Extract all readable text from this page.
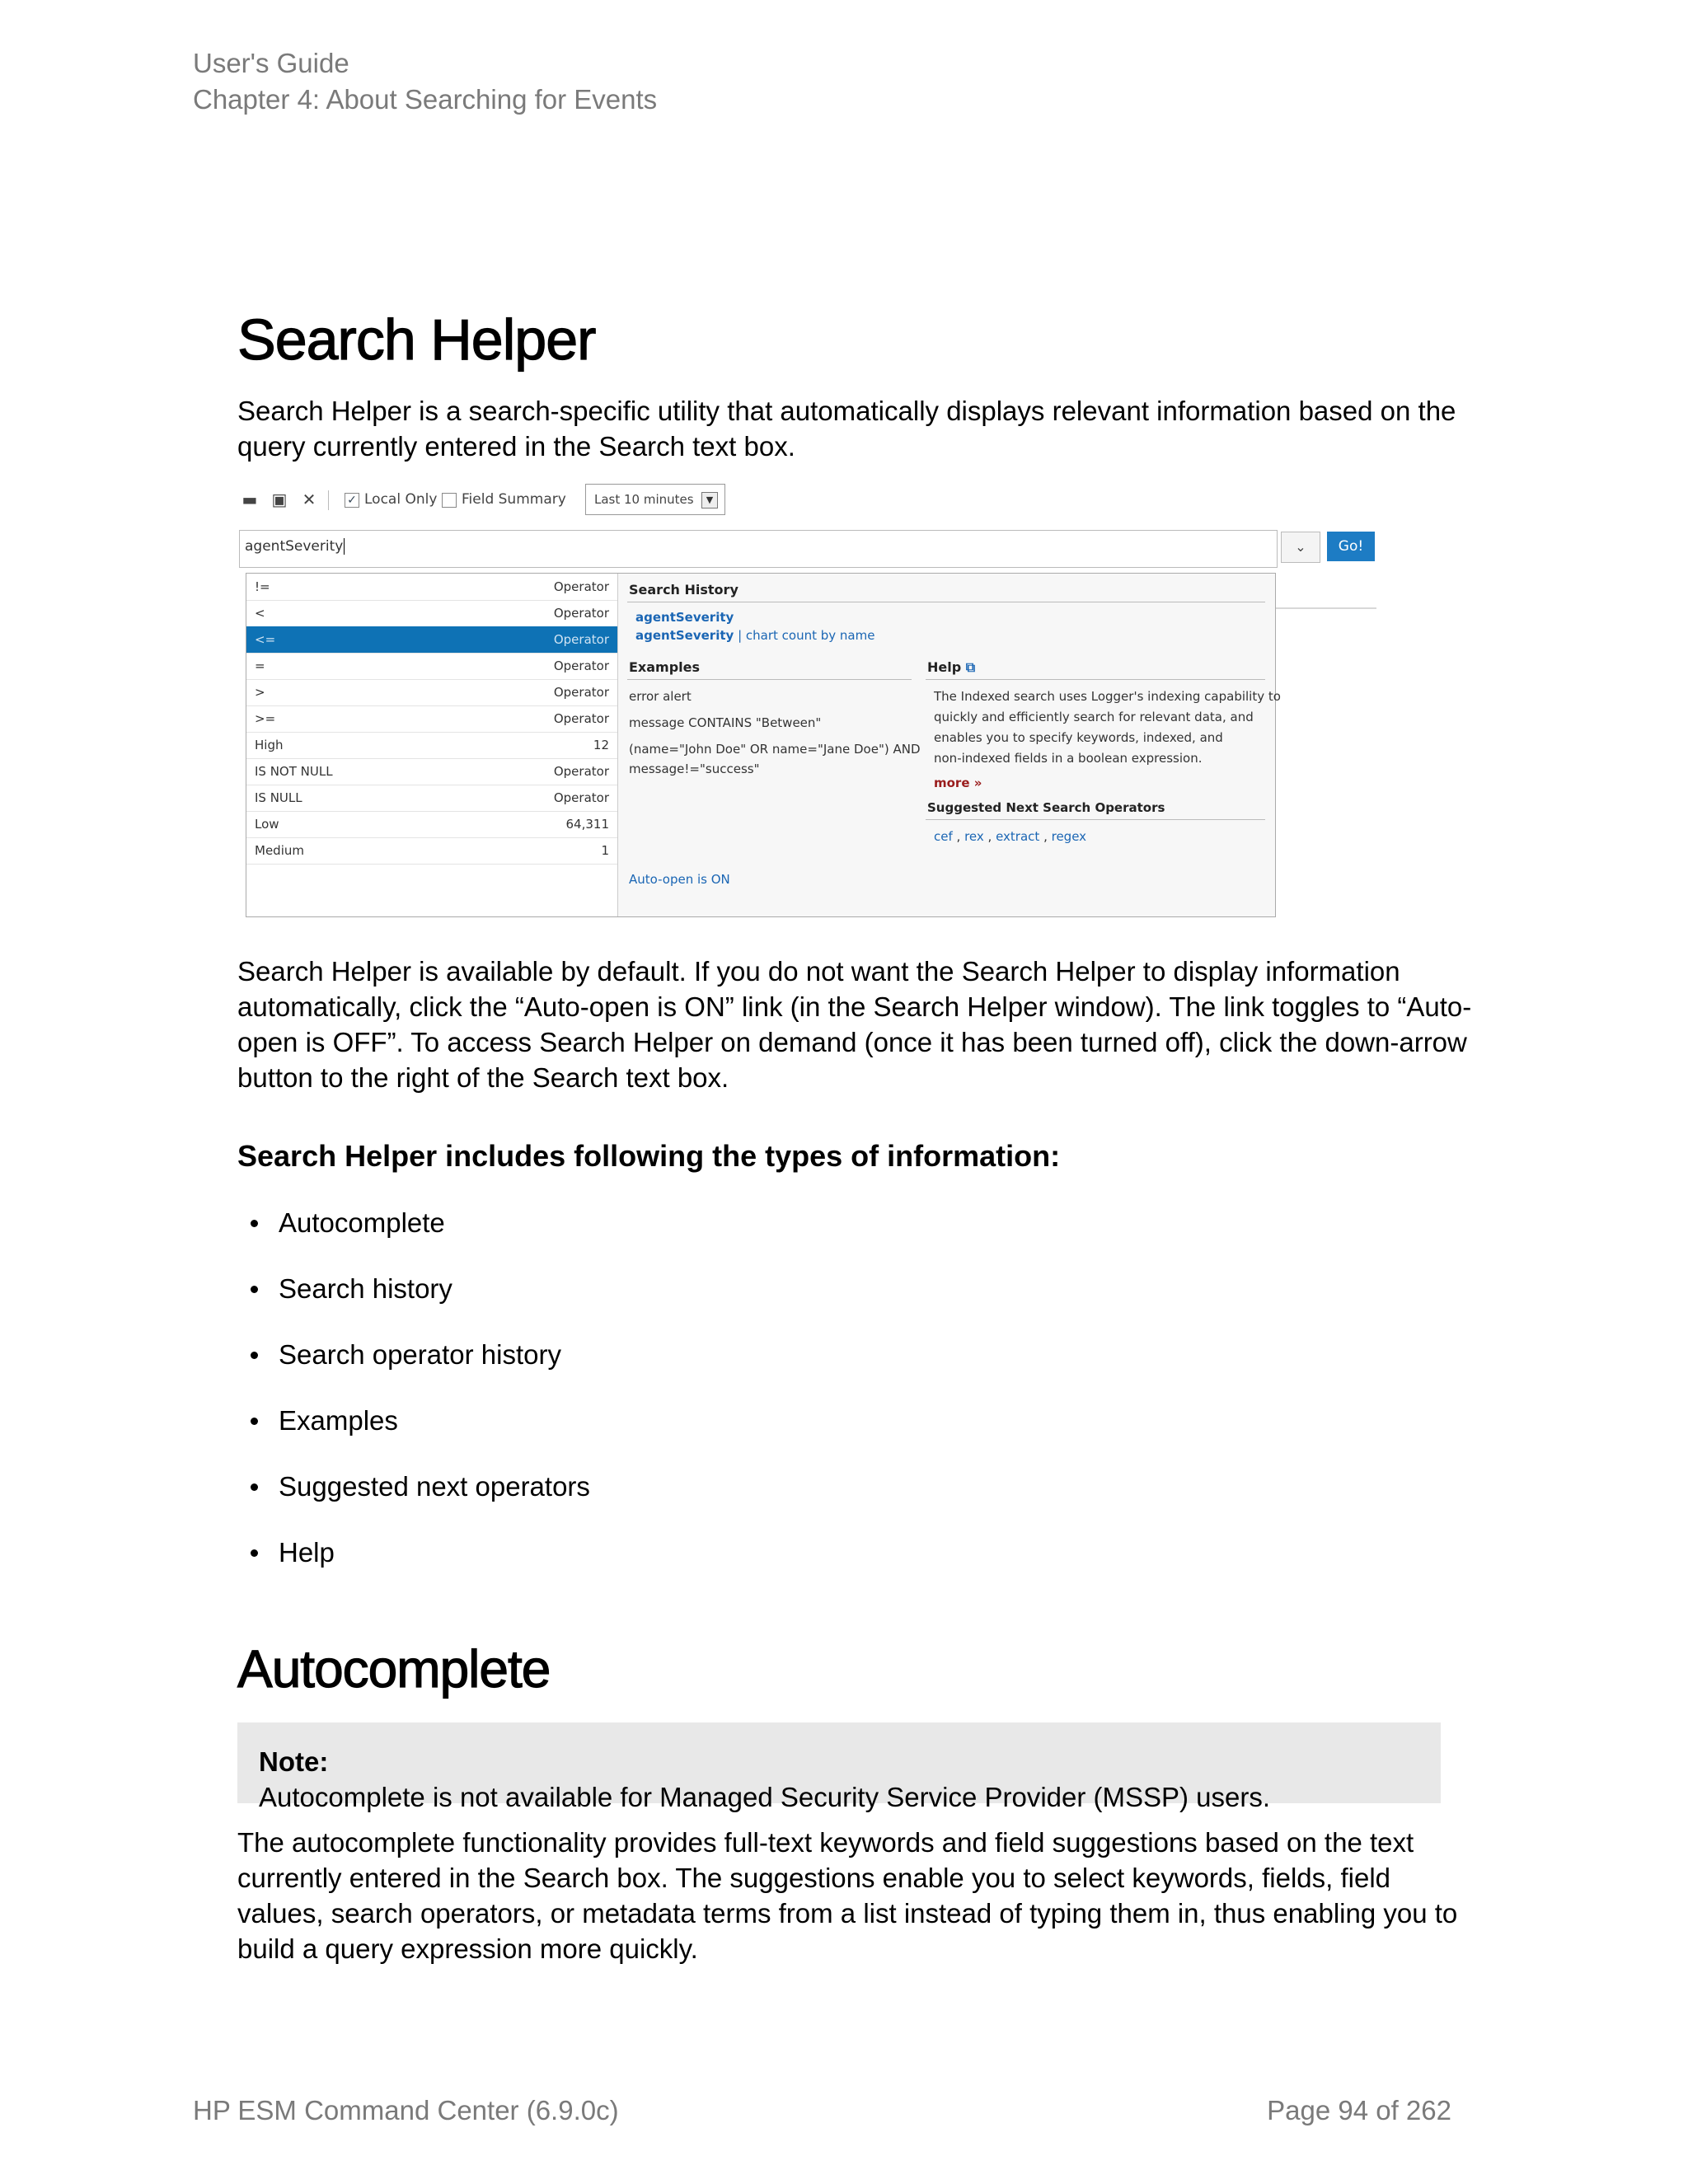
User's Guide
Chapter 4: About Searching for Events
Search Helper
Search Helper is a search-specific utility that automatically displays relevant information based on the
query currently entered in the Search text box.
▬ ▣ ✕	✓ Local Only Field Summary Last 10 minutes	▼
agentSeverity	⌄	Go!
!=	Operator
<	Operator
<=	Operator
=	Operator
>	Operator
>=	Operator
High	12
IS NOT NULL	Operator
IS NULL	Operator
Low	64,311
Medium	1
Search History
agentSeverity
agentSeverity | chart count by name
Examples
error alert
message CONTAINS "Between"
(name="John Doe" OR name="Jane Doe") AND
message!="success"
Help ⧉
The Indexed search uses Logger's indexing capability to
quickly and efficiently search for relevant data, and
enables you to specify keywords, indexed, and
non-indexed fields in a boolean expression.
more »
Suggested Next Search Operators
cef , rex , extract , regex
Auto-open is ON
Search Helper is available by default. If you do not want the Search Helper to display information
automatically, click the “Auto-open is ON” link (in the Search Helper window). The link toggles to “Auto-
open is OFF”. To access Search Helper on demand (once it has been turned off), click the down-arrow
button to the right of the Search text box.
Search Helper includes following the types of information:
Autocomplete
Search history
Search operator history
Examples
Suggested next operators
Help
Autocomplete
Note:
Autocomplete is not available for Managed Security Service Provider (MSSP) users.
The autocomplete functionality provides full-text keywords and field suggestions based on the text
currently entered in the Search box. The suggestions enable you to select keywords, fields, field
values, search operators, or metadata terms from a list instead of typing them in, thus enabling you to
build a query expression more quickly.
HP ESM Command Center (6.9.0c)	Page 94 of 262
